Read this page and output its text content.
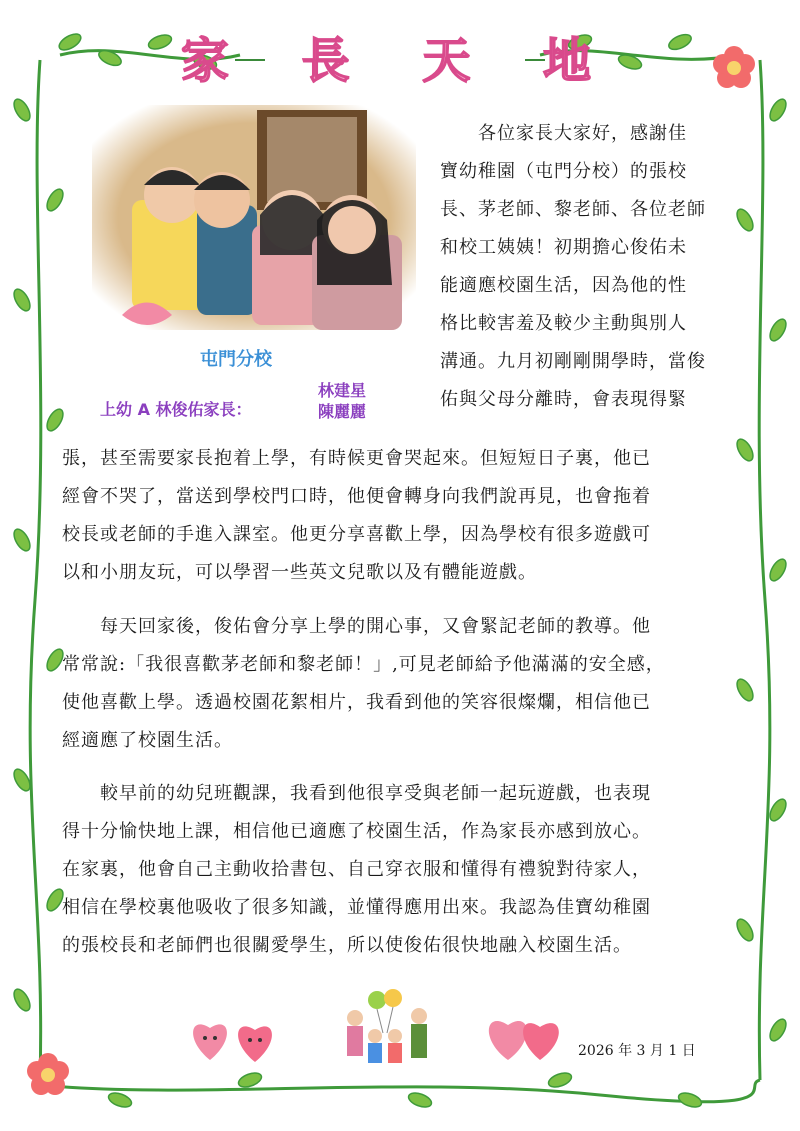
家 長 天 地
屯門分校
上幼 A 林俊佑家長：
林建星
陳麗麗
　　各位家長大家好，感謝佳
寶幼稚園（屯門分校）的張校
長、茅老師、黎老師、各位老師
和校工姨姨！初期擔心俊佑未
能適應校園生活，因為他的性
格比較害羞及較少主動與別人
溝通。九月初剛剛開學時，當俊
佑與父母分離時，會表現得緊
張，甚至需要家長抱着上學，有時候更會哭起來。但短短日子裏，他已
經會不哭了，當送到學校門口時，他便會轉身向我們說再見，也會拖着
校長或老師的手進入課室。他更分享喜歡上學，因為學校有很多遊戲可
以和小朋友玩，可以學習一些英文兒歌以及有體能遊戲。
每天回家後，俊佑會分享上學的開心事，又會緊記老師的教導。他
常常說:「我很喜歡茅老師和黎老師！」,可見老師給予他滿滿的安全感，
使他喜歡上學。透過校園花絮相片，我看到他的笑容很燦爛，相信他已
經適應了校園生活。
較早前的幼兒班觀課，我看到他很享受與老師一起玩遊戲，也表現
得十分愉快地上課，相信他已適應了校園生活，作為家長亦感到放心。
在家裏，他會自己主動收拾書包、自己穿衣服和懂得有禮貌對待家人，
相信在學校裏他吸收了很多知識，並懂得應用出來。我認為佳寶幼稚園
的張校長和老師們也很關愛學生，所以使俊佑很快地融入校園生活。
2026 年 3 月 1 日
